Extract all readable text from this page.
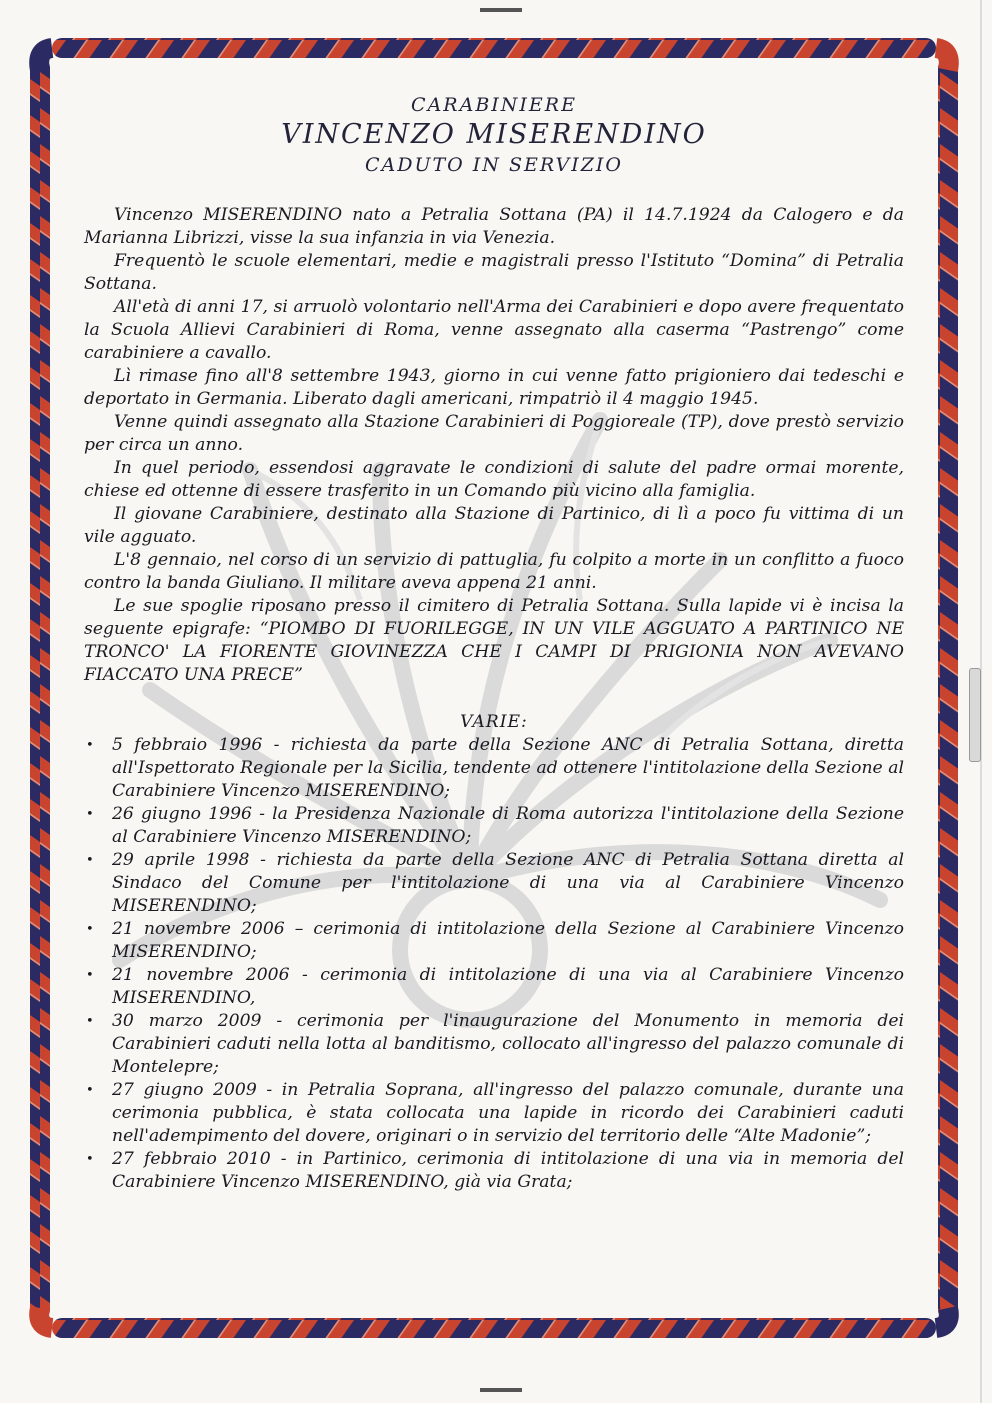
CARABINIERE
VINCENZO MISERENDINO
CADUTO IN SERVIZIO

Vincenzo MISERENDINO nato a Petralia Sottana (PA) il 14.7.1924 da Calogero e da Marianna Librizzi, visse la sua infanzia in via Venezia.

Frequentò le scuole elementari, medie e magistrali presso l'Istituto “Domina” di Petralia Sottana.

All'età di anni 17, si arruolò volontario nell'Arma dei Carabinieri e dopo avere frequentato la Scuola Allievi Carabinieri di Roma, venne assegnato alla caserma “Pastrengo” come carabiniere a cavallo.

Lì rimase fino all'8 settembre 1943, giorno in cui venne fatto prigioniero dai tedeschi e deportato in Germania. Liberato dagli americani, rimpatriò il 4 maggio 1945.

Venne quindi assegnato alla Stazione Carabinieri di Poggioreale (TP), dove prestò servizio per circa un anno.

In quel periodo, essendosi aggravate le condizioni di salute del padre ormai morente, chiese ed ottenne di essere trasferito in un Comando più vicino alla famiglia.

Il giovane Carabiniere, destinato alla Stazione di Partinico, di lì a poco fu vittima di un vile agguato.

L'8 gennaio, nel corso di un servizio di pattuglia, fu colpito a morte in un conflitto a fuoco contro la banda Giuliano. Il militare aveva appena 21 anni.

Le sue spoglie riposano presso il cimitero di Petralia Sottana. Sulla lapide vi è incisa la seguente epigrafe: “PIOMBO DI FUORILEGGE, IN UN VILE AGGUATO A PARTINICO NE TRONCO' LA FIORENTE GIOVINEZZA CHE I CAMPI DI PRIGIONIA NON AVEVANO FIACCATO UNA PRECE”

VARIE:
• 5 febbraio 1996 - richiesta da parte della Sezione ANC di Petralia Sottana, diretta all'Ispettorato Regionale per la Sicilia, tendente ad ottenere l'intitolazione della Sezione al Carabiniere Vincenzo MISERENDINO;
• 26 giugno 1996 - la Presidenza Nazionale di Roma autorizza l'intitolazione della Sezione al Carabiniere Vincenzo MISERENDINO;
• 29 aprile 1998 - richiesta da parte della Sezione ANC di Petralia Sottana diretta al Sindaco del Comune per l'intitolazione di una via al Carabiniere Vincenzo MISERENDINO;
• 21 novembre 2006 – cerimonia di intitolazione della Sezione al Carabiniere Vincenzo MISERENDINO;
• 21 novembre 2006 - cerimonia di intitolazione di una via al Carabiniere Vincenzo MISERENDINO,
• 30 marzo 2009 - cerimonia per l'inaugurazione del Monumento in memoria dei Carabinieri caduti nella lotta al banditismo, collocato all'ingresso del palazzo comunale di Montelepre;
• 27 giugno 2009 - in Petralia Soprana, all'ingresso del palazzo comunale, durante una cerimonia pubblica, è stata collocata una lapide in ricordo dei Carabinieri caduti nell'adempimento del dovere, originari o in servizio del territorio delle “Alte Madonie”;
• 27 febbraio 2010 - in Partinico, cerimonia di intitolazione di una via in memoria del Carabiniere Vincenzo MISERENDINO, già via Grata;
